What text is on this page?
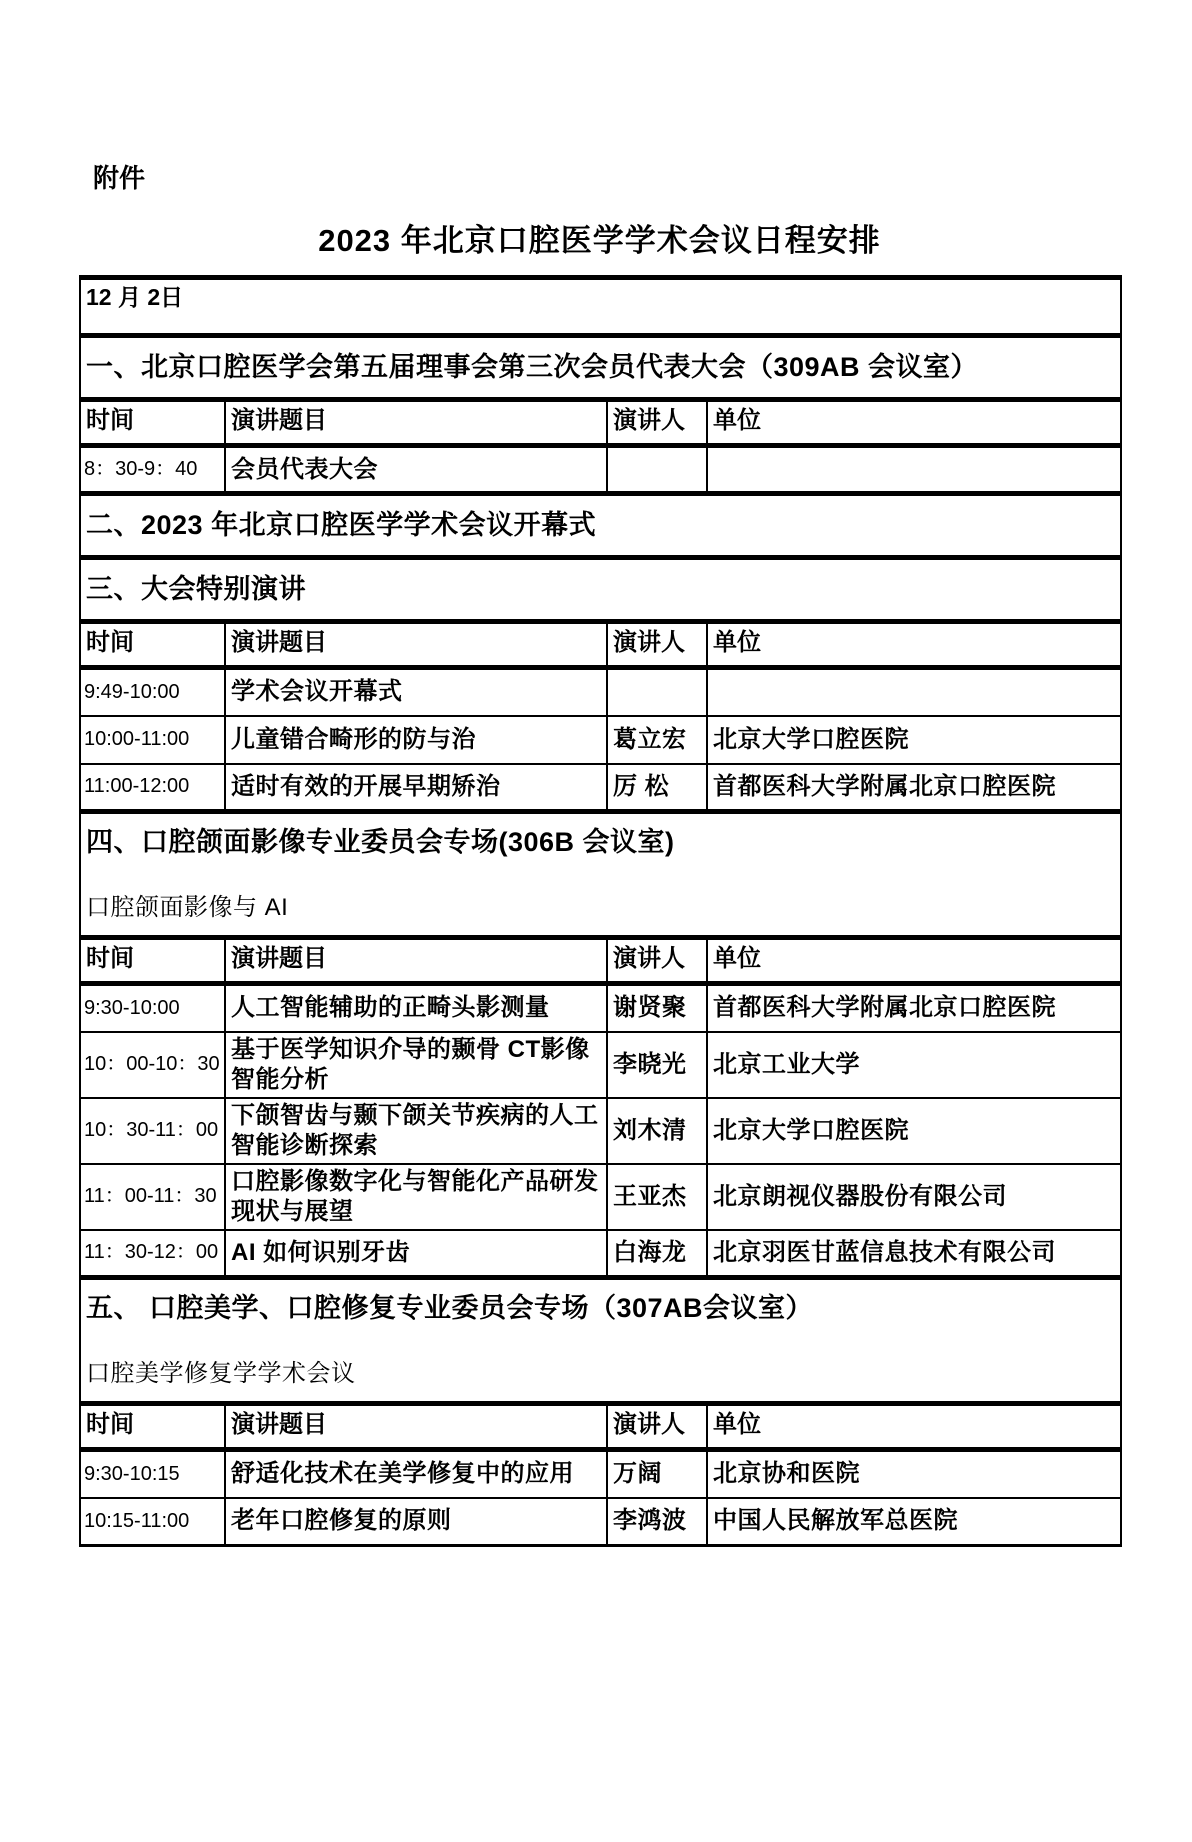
附件
2023 年北京口腔医学学术会议日程安排
12 月 2日			
一、北京口腔医学会第五届理事会第三次会员代表大会（309AB 会议室）			
时间	演讲题目	演讲人	单位
8：30-9：40	会员代表大会		
二、2023 年北京口腔医学学术会议开幕式			
三、大会特别演讲			
时间	演讲题目	演讲人	单位
9:49-10:00	学术会议开幕式		
10:00-11:00	儿童错合畸形的防与治	葛立宏	北京大学口腔医院
11:00-12:00	适时有效的开展早期矫治	厉 松	首都医科大学附属北京口腔医院

四、口腔颌面影像专业委员会专场(306B 会议室)
口腔颌面影像与 AI			

时间	演讲题目	演讲人	单位
9:30-10:00	人工智能辅助的正畸头影测量	谢贤聚	首都医科大学附属北京口腔医院
10：00-10：30	基于医学知识介导的颞骨 CT影像智能分析	李晓光	北京工业大学
10：30-11：00	下颌智齿与颞下颌关节疾病的人工智能诊断探索	刘木清	北京大学口腔医院
11：00-11：30	口腔影像数字化与智能化产品研发现状与展望	王亚杰	北京朗视仪器股份有限公司
11：30-12：00	AI 如何识别牙齿	白海龙	北京羽医甘蓝信息技术有限公司

五、 口腔美学、口腔修复专业委员会专场（307AB会议室）
口腔美学修复学学术会议			

时间	演讲题目	演讲人	单位
9:30-10:15	舒适化技术在美学修复中的应用	万阔	北京协和医院
10:15-11:00	老年口腔修复的原则	李鸿波	中国人民解放军总医院
